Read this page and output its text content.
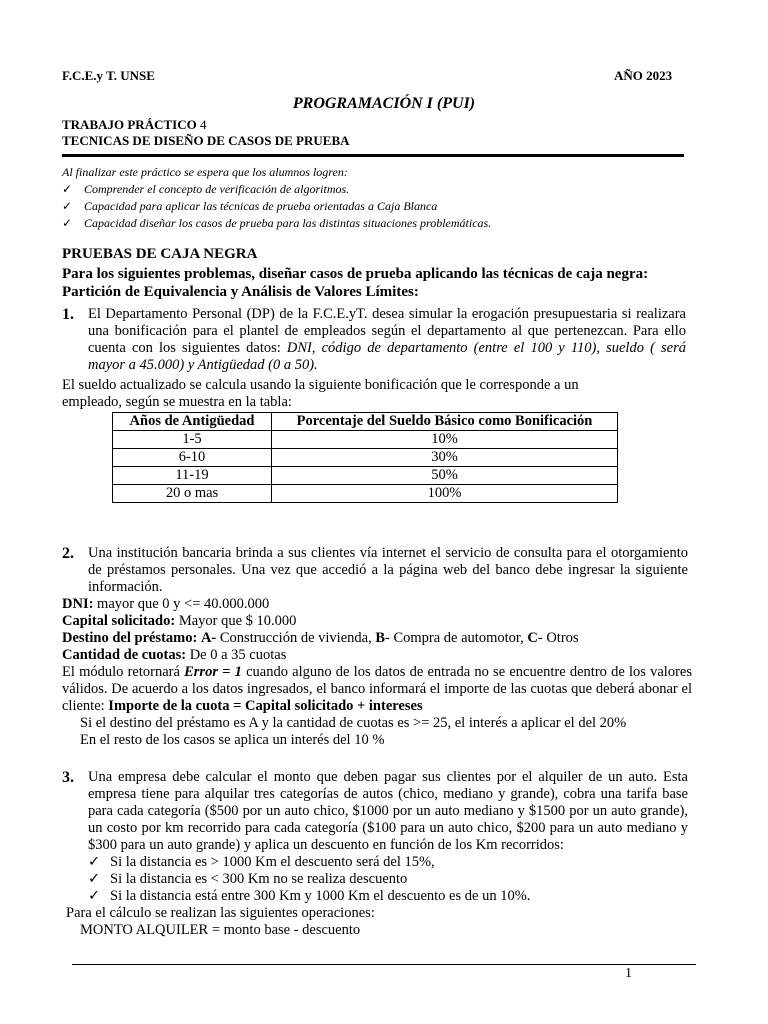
F.C.E.y T. UNSE	AÑO 2023
PROGRAMACIÓN I (PUI)
TRABAJO PRÁCTICO 4
TECNICAS DE DISEÑO DE CASOS DE PRUEBA
Al finalizar este práctico se espera que los alumnos logren:
✓ Comprender el concepto de verificación de algoritmos.
✓ Capacidad para aplicar las técnicas de prueba orientadas a Caja Blanca
✓ Capacidad diseñar los casos de prueba para las distintas situaciones problemáticas.
PRUEBAS DE CAJA NEGRA
Para los siguientes problemas, diseñar casos de prueba aplicando las técnicas de caja negra: Partición de Equivalencia y Análisis de Valores Límites:
1. El Departamento Personal (DP) de la F.C.E.yT. desea simular la erogación presupuestaria si realizara una bonificación para el plantel de empleados según el departamento al que pertenezcan. Para ello cuenta con los siguientes datos: DNI, código de departamento (entre el 100 y 110), sueldo ( será mayor a 45.000) y Antigüedad (0 a 50).
El sueldo actualizado se calcula usando la siguiente bonificación que le corresponde a un empleado, según se muestra en la tabla:
Años de Antigüedad	Porcentaje del Sueldo Básico como Bonificación
1-5	10%
6-10	30%
11-19	50%
20 o mas	100%
2. Una institución bancaria brinda a sus clientes vía internet el servicio de consulta para el otorgamiento de préstamos personales. Una vez que accedió a la página web del banco debe ingresar la siguiente información.
DNI: mayor que 0 y <= 40.000.000
Capital solicitado: Mayor que $ 10.000
Destino del préstamo: A- Construcción de vivienda, B- Compra de automotor, C- Otros
Cantidad de cuotas: De 0 a 35 cuotas
El módulo retornará Error = 1 cuando alguno de los datos de entrada no se encuentre dentro de los valores válidos. De acuerdo a los datos ingresados, el banco informará el importe de las cuotas que deberá abonar el cliente: Importe de la cuota = Capital solicitado + intereses
Si el destino del préstamo es A y la cantidad de cuotas es >= 25, el interés a aplicar el del 20%
En el resto de los casos se aplica un interés del 10 %
3. Una empresa debe calcular el monto que deben pagar sus clientes por el alquiler de un auto. Esta empresa tiene para alquilar tres categorías de autos (chico, mediano y grande), cobra una tarifa base para cada categoría ($500 por un auto chico, $1000 por un auto mediano y $1500 por un auto grande), un costo por km recorrido para cada categoría ($100 para un auto chico, $200 para un auto mediano y $300 para un auto grande) y aplica un descuento en función de los Km recorridos:
✓ Si la distancia es > 1000 Km el descuento será del 15%,
✓ Si la distancia es < 300 Km no se realiza descuento
✓ Si la distancia está entre 300 Km y 1000 Km el descuento es de un 10%.
Para el cálculo se realizan las siguientes operaciones:
MONTO ALQUILER = monto base - descuento
1
